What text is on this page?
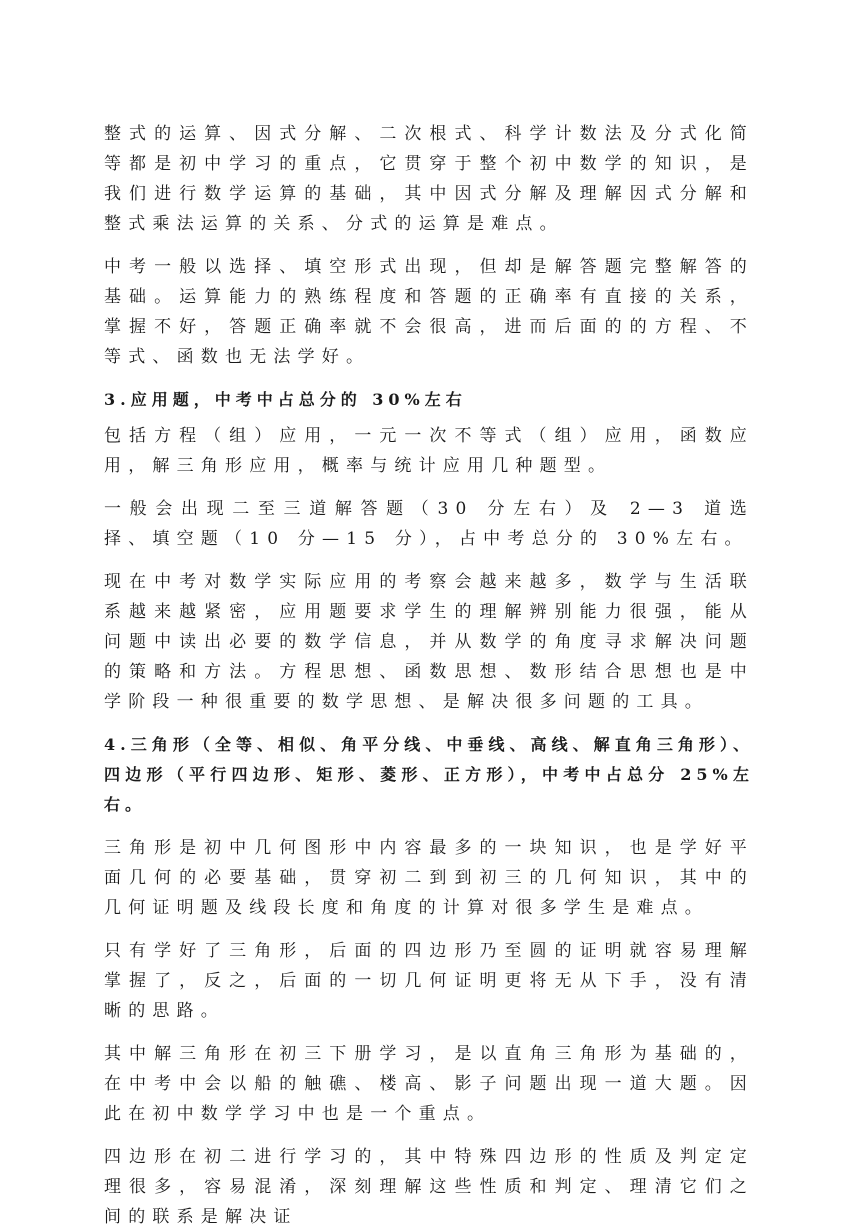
整式的运算、因式分解、二次根式、科学计数法及分式化简等都是初中学习的重点，它贯穿于整个初中数学的知识，是我们进行数学运算的基础，其中因式分解及理解因式分解和整式乘法运算的关系、分式的运算是难点。

中考一般以选择、填空形式出现，但却是解答题完整解答的基础。运算能力的熟练程度和答题的正确率有直接的关系，掌握不好，答题正确率就不会很高，进而后面的的方程、不等式、函数也无法学好。

3.应用题，中考中占总分的 30%左右

包括方程（组）应用，一元一次不等式（组）应用，函数应用，解三角形应用，概率与统计应用几种题型。

一般会出现二至三道解答题（30 分左右）及 2—3 道选择、填空题（10 分—15 分），占中考总分的 30%左右。

现在中考对数学实际应用的考察会越来越多，数学与生活联系越来越紧密，应用题要求学生的理解辨别能力很强，能从问题中读出必要的数学信息，并从数学的角度寻求解决问题的策略和方法。方程思想、函数思想、数形结合思想也是中学阶段一种很重要的数学思想、是解决很多问题的工具。

4.三角形（全等、相似、角平分线、中垂线、高线、解直角三角形）、四边形（平行四边形、矩形、菱形、正方形），中考中占总分 25%左右。

三角形是初中几何图形中内容最多的一块知识，也是学好平面几何的必要基础，贯穿初二到到初三的几何知识，其中的几何证明题及线段长度和角度的计算对很多学生是难点。

只有学好了三角形，后面的四边形乃至圆的证明就容易理解掌握了，反之，后面的一切几何证明更将无从下手，没有清晰的思路。

其中解三角形在初三下册学习，是以直角三角形为基础的，在中考中会以船的触礁、楼高、影子问题出现一道大题。因此在初中数学学习中也是一个重点。

四边形在初二进行学习的，其中特殊四边形的性质及判定定理很多，容易混淆，深刻理解这些性质和判定、理清它们之间的联系是解决证
